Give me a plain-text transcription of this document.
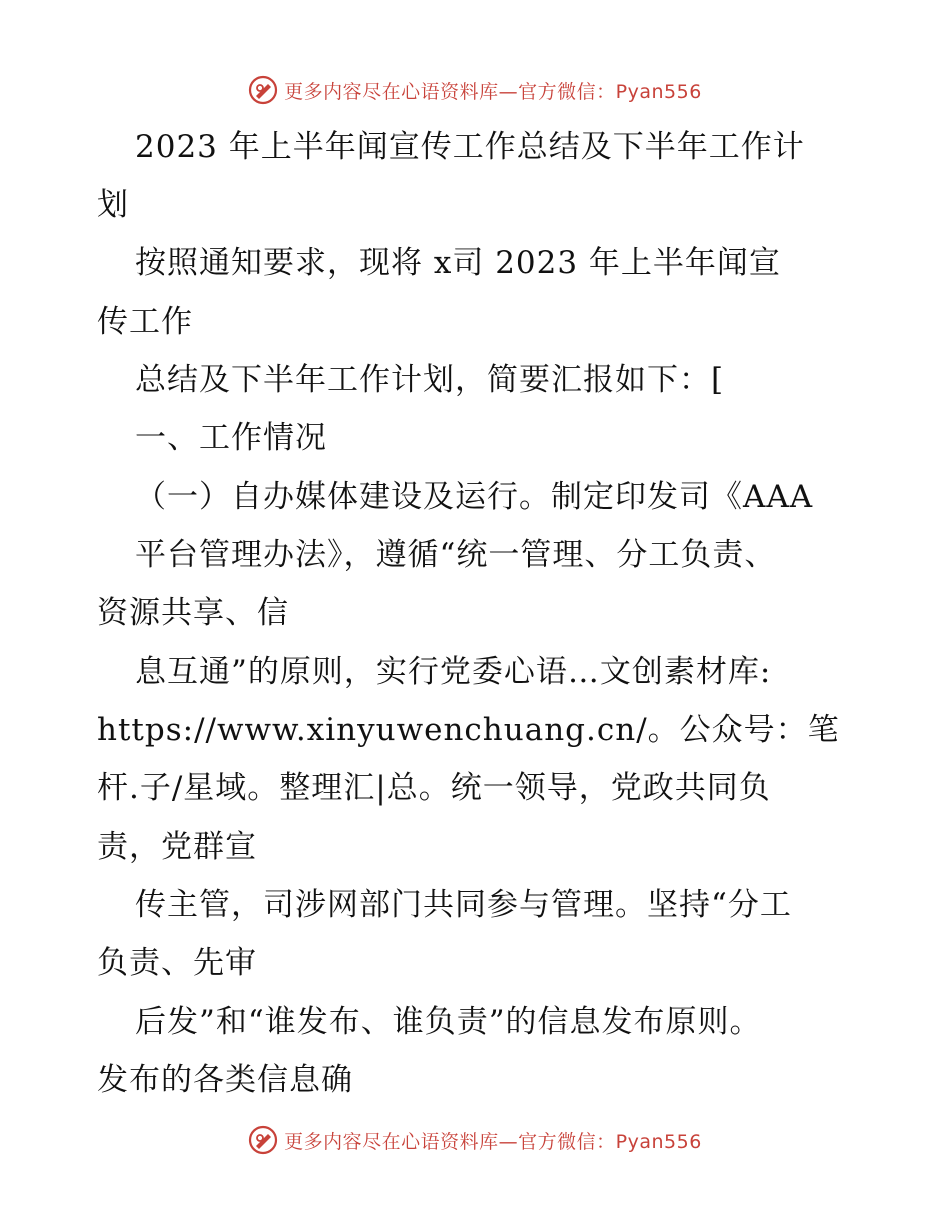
更多内容尽在心语资料库—官方微信：Pyan556
2023 年上半年闻宣传工作总结及下半年工作计
划
按照通知要求，现将 x司 2023 年上半年闻宣
传工作
总结及下半年工作计划，简要汇报如下：[
一、工作情况
（一）自办媒体建设及运行。制定印发司《AAA
平台管理办法》，遵循“统一管理、分工负责、
资源共享、信
息互通”的原则，实行党委心语…文创素材库:
https://www.xinyuwenchuang.cn/。公众号：笔
杆.子/星域。整理汇|总。统一领导，党政共同负
责，党群宣
传主管，司涉网部门共同参与管理。坚持“分工
负责、先审
后发”和“谁发布、谁负责”的信息发布原则。
发布的各类信息确
更多内容尽在心语资料库—官方微信：Pyan556
